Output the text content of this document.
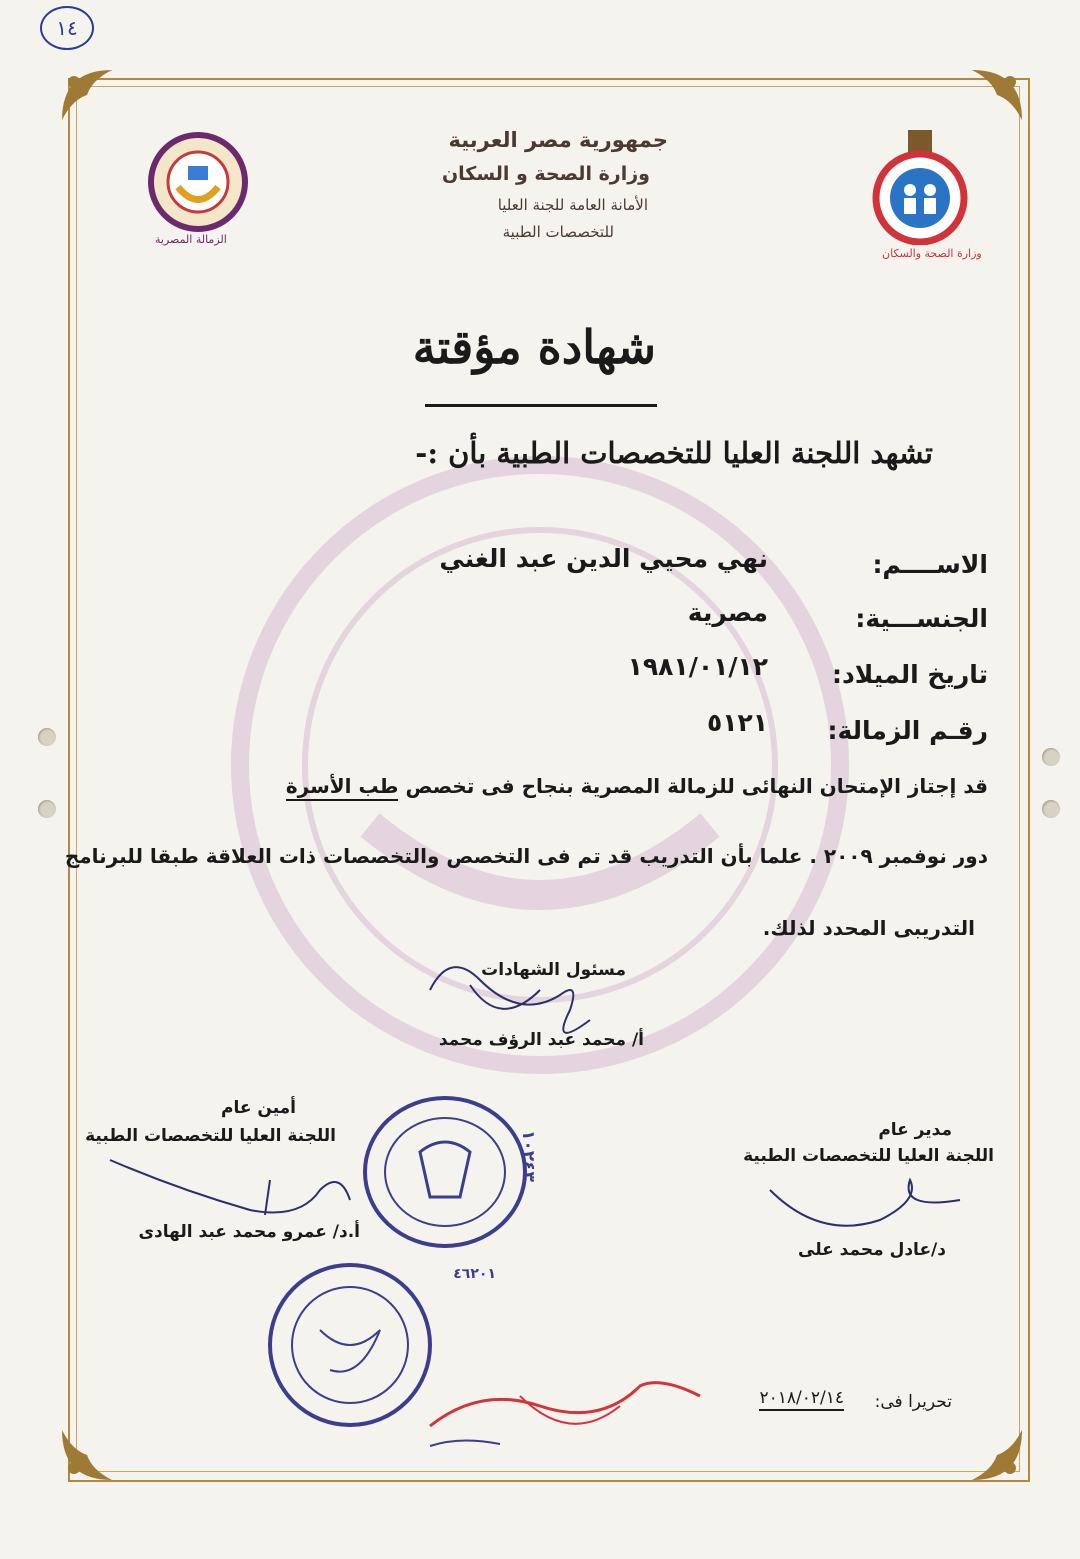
١٤
الزمالة المصرية
وزارة الصحة والسكان
جمهورية مصر العربية
وزارة الصحة و السكان
الأمانة العامة للجنة العليا
للتخصصات الطبية
شهادة مؤقتة
تشهد اللجنة العليا للتخصصات الطبية بأن :-
الاســــم:
نهي محيي الدين عبد الغني
الجنســـية:
مصرية
تاريخ الميلاد:
١٩٨١/٠١/١٢
رقـم الزمالة:
٥١٢١
قد إجتاز الإمتحان النهائى للزمالة المصرية بنجاح فى تخصص طب الأسرة
دور نوفمبر ٢٠٠٩ . علما بأن التدريب قد تم فى التخصص والتخصصات ذات العلاقة طبقا للبرنامج
التدريبى المحدد لذلك.
مسئول الشهادات
أ/ محمد عبد الرؤف محمد
أمين عام
اللجنة العليا للتخصصات الطبية
أ.د/ عمرو محمد عبد الهادى
مدير عام
اللجنة العليا للتخصصات الطبية
د/عادل محمد على
١٠٢٤٣
٤٦٢٠١
تحريرا فى:
٢٠١٨/٠٢/١٤
